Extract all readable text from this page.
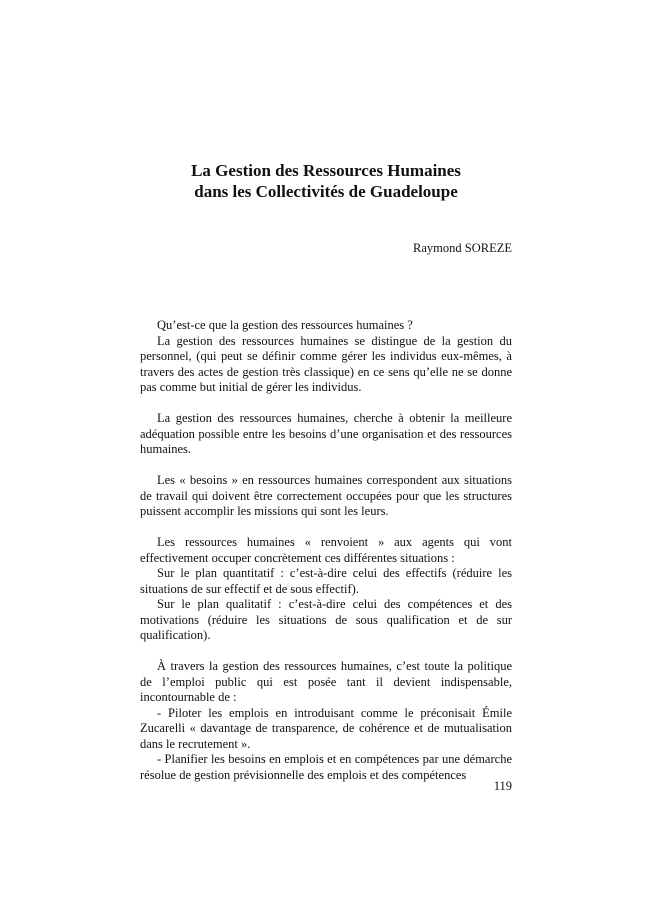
La Gestion des Ressources Humaines
dans les Collectivités de Guadeloupe
Raymond SOREZE

Qu’est-ce que la gestion des ressources humaines ?

La gestion des ressources humaines se distingue de la gestion du personnel, (qui peut se définir comme gérer les individus eux-mêmes, à travers des actes de gestion très classique) en ce sens qu’elle ne se donne pas comme but initial de gérer les individus.

La gestion des ressources humaines, cherche à obtenir la meilleure adéquation possible entre les besoins d’une organisation et des ressources humaines.

Les « besoins » en ressources humaines correspondent aux situations de travail qui doivent être correctement occupées pour que les structures puissent accomplir les missions qui sont les leurs.

Les ressources humaines « renvoient » aux agents qui vont effectivement occuper concrètement ces différentes situations :

Sur le plan quantitatif : c’est-à-dire celui des effectifs (réduire les situations de sur effectif et de sous effectif).

Sur le plan qualitatif : c’est-à-dire celui des compétences et des motivations (réduire les situations de sous qualification et de sur qualification).

À travers la gestion des ressources humaines, c’est toute la politique de l’emploi public qui est posée tant il devient indispensable, incontournable de :

- Piloter les emplois en introduisant comme le préconisait Émile Zucarelli « davantage de transparence, de cohérence et de mutualisation dans le recrutement ».

- Planifier les besoins en emplois et en compétences par une démarche résolue de gestion prévisionnelle des emplois et des compétences

119
